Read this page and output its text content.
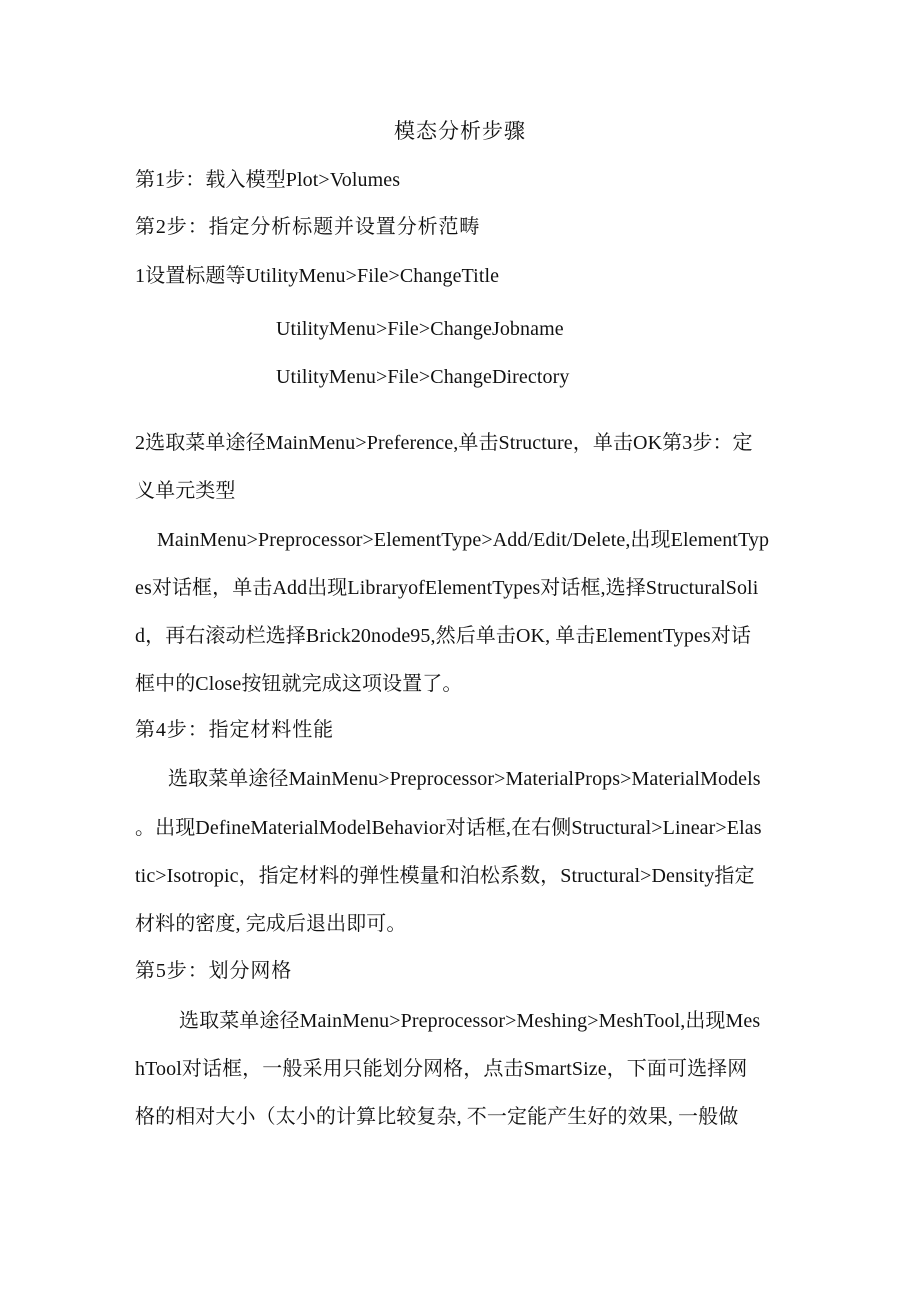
模态分析步骤
第1步：载入模型Plot>Volumes
第2步：指定分析标题并设置分析范畴
1设置标题等UtilityMenu>File>ChangeTitle
UtilityMenu>File>ChangeJobname
UtilityMenu>File>ChangeDirectory
2选取菜单途径MainMenu>Preference,单击Structure，单击OK第3步：定
义单元类型
MainMenu>Preprocessor>ElementType>Add/Edit/Delete,出现ElementTyp
es对话框，单击Add出现LibraryofElementTypes对话框,选择StructuralSoli
d，再右滚动栏选择Brick20node95,然后单击OK, 单击ElementTypes对话
框中的Close按钮就完成这项设置了。
第4步：指定材料性能
选取菜单途径MainMenu>Preprocessor>MaterialProps>MaterialModels
。出现DefineMaterialModelBehavior对话框,在右侧Structural>Linear>Elas
tic>Isotropic，指定材料的弹性模量和泊松系数，Structural>Density指定
材料的密度, 完成后退出即可。
第5步：划分网格
选取菜单途径MainMenu>Preprocessor>Meshing>MeshTool,出现Mes
hTool对话框，一般采用只能划分网格，点击SmartSize，下面可选择网
格的相对大小（太小的计算比较复杂, 不一定能产生好的效果, 一般做
